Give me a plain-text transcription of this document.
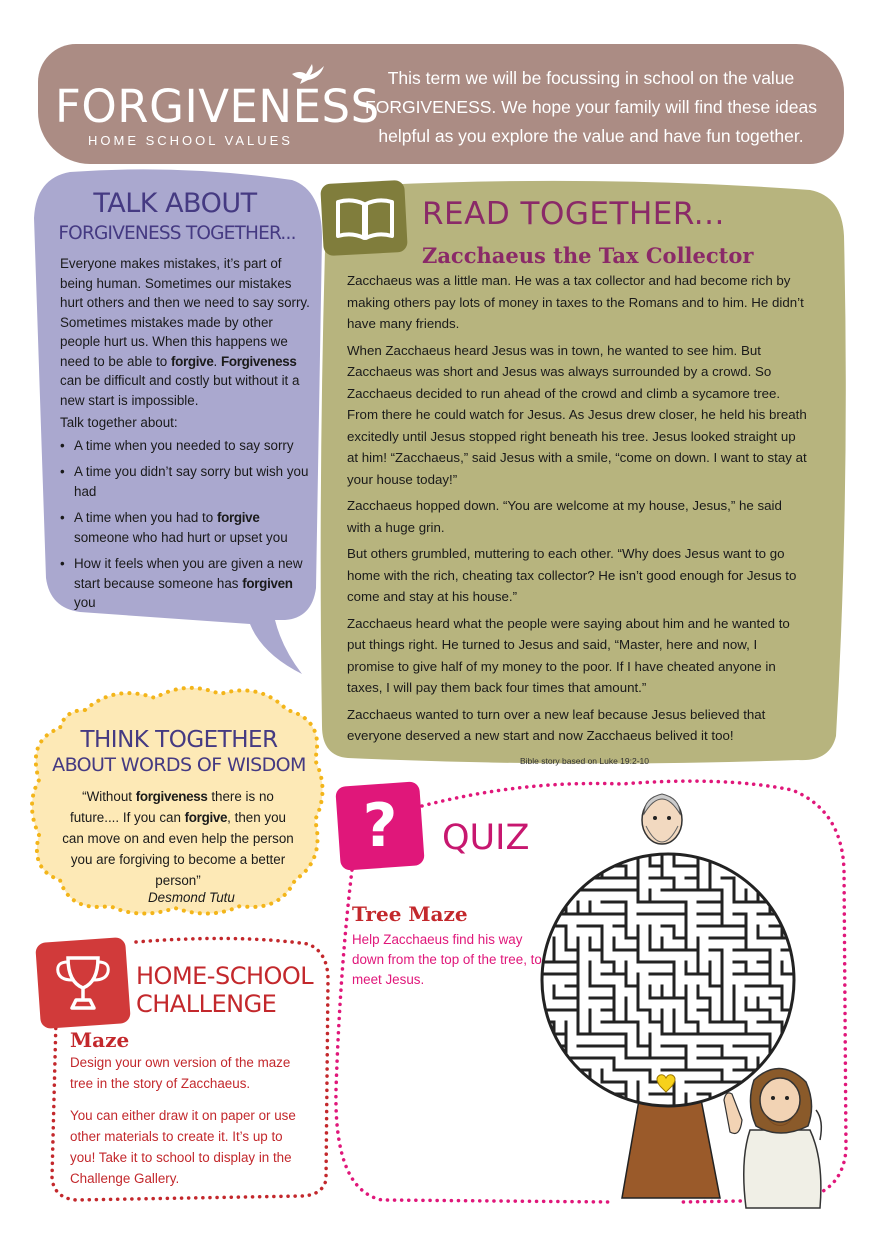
FORGIVENESS
HOME SCHOOL VALUES
This term we will be focussing in school on the value FORGIVENESS. We hope your family will find these ideas helpful as you explore the value and have fun together.
TALK ABOUT
FORGIVENESS TOGETHER...

Everyone makes mistakes, it’s part of being human. Sometimes our mistakes hurt others and then we need to say sorry. Sometimes mistakes made by other people hurt us. When this happens we need to be able to forgive. Forgiveness can be difficult and costly but without it a new start is impossible.

Talk together about:

• A time when you needed to say sorry
• A time you didn’t say sorry but wish you had
• A time when you had to forgive someone who had hurt or upset you
• How it feels when you are given a new start because someone has forgiven you
READ TOGETHER...
Zacchaeus the Tax Collector

Zacchaeus was a little man. He was a tax collector and had become rich by making others pay lots of money in taxes to the Romans and to him. He didn’t have many friends.

When Zacchaeus heard Jesus was in town, he wanted to see him. But Zacchaeus was short and Jesus was always surrounded by a crowd. So Zacchaeus decided to run ahead of the crowd and climb a sycamore tree. From there he could watch for Jesus. As Jesus drew closer, he held his breath excitedly until Jesus stopped right beneath his tree. Jesus looked straight up at him! “Zacchaeus,” said Jesus with a smile, “come on down. I want to stay at your house today!”

Zacchaeus hopped down. “You are welcome at my house, Jesus,” he said with a huge grin.

But others grumbled, muttering to each other. “Why does Jesus want to go home with the rich, cheating tax collector? He isn’t good enough for Jesus to come and stay at his house.”

Zacchaeus heard what the people were saying about him and he wanted to put things right. He turned to Jesus and said, “Master, here and now, I promise to give half of my money to the poor. If I have cheated anyone in taxes, I will pay them back four times that amount.”

Zacchaeus wanted to turn over a new leaf because Jesus believed that everyone deserved a new start and now Zacchaeus belived it too!

Bible story based on Luke 19:2-10
THINK TOGETHER
ABOUT WORDS OF WISDOM
“Without forgiveness there is no future.... If you can forgive, then you can move on and even help the person you are forgiving to become a better person”
Desmond Tutu
HOME-SCHOOL
CHALLENGE
Maze

Design your own version of the maze tree in the story of Zacchaeus.

You can either draw it on paper or use other materials to create it. It’s up to you! Take it to school to display in the Challenge Gallery.

?	QUIZ
Tree Maze
Help Zacchaeus find his way down from the top of the tree, to meet Jesus.
